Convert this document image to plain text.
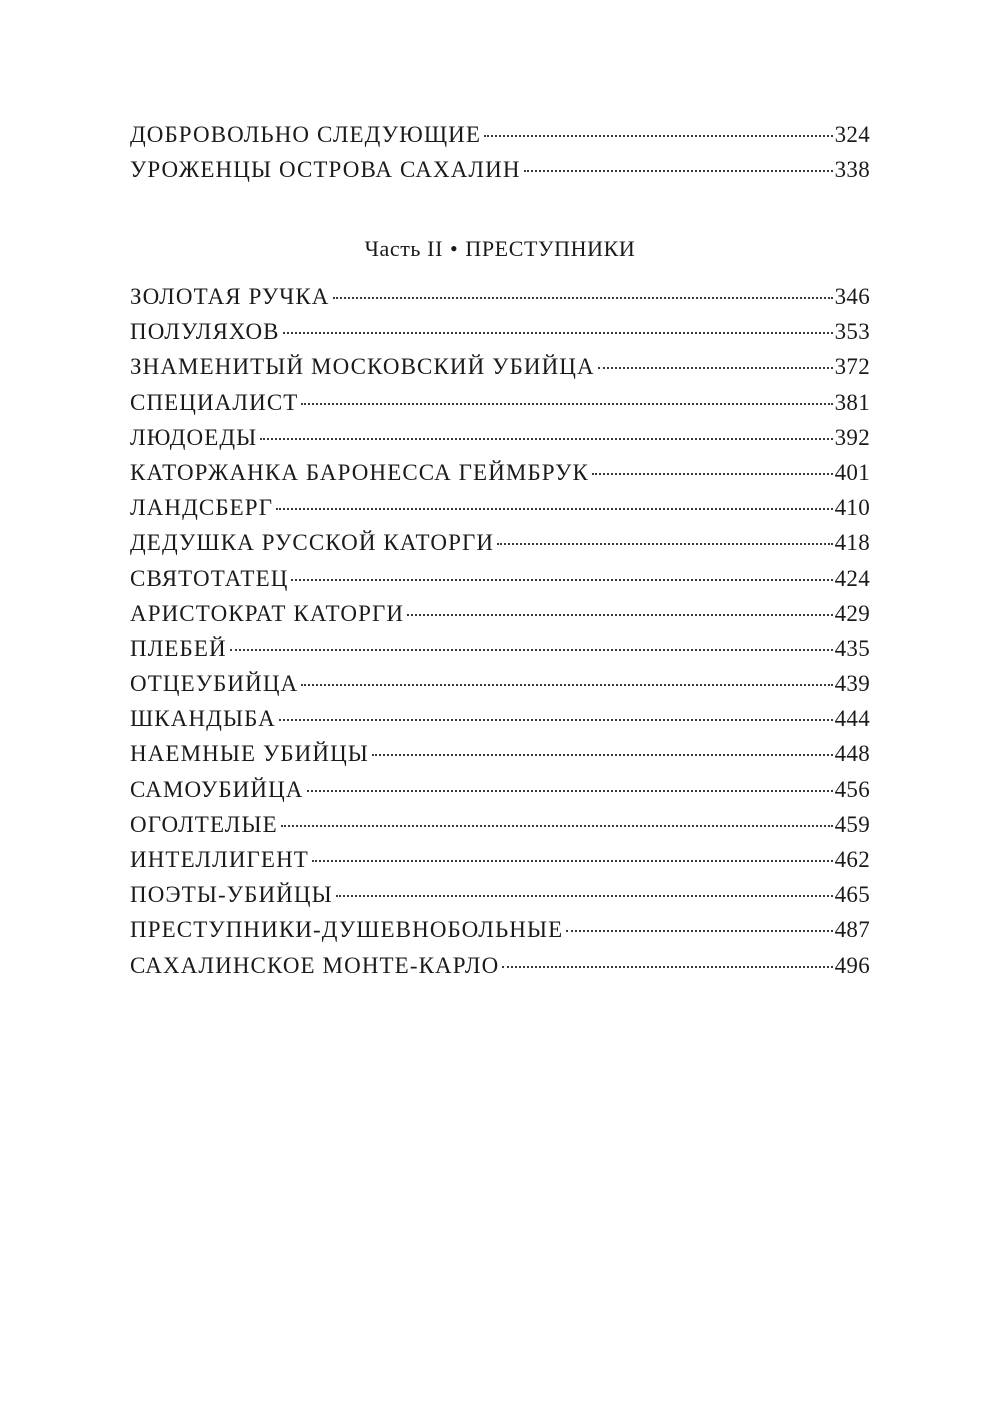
ДОБРОВОЛЬНО СЛЕДУЮЩИЕ	324
УРОЖЕНЦЫ ОСТРОВА САХАЛИН	338
Часть II • ПРЕСТУПНИКИ
ЗОЛОТАЯ РУЧКА	346
ПОЛУЛЯХОВ	353
ЗНАМЕНИТЫЙ МОСКОВСКИЙ УБИЙЦА	372
СПЕЦИАЛИСТ	381
ЛЮДОЕДЫ	392
КАТОРЖАНКА БАРОНЕССА ГЕЙМБРУК	401
ЛАНДСБЕРГ	410
ДЕДУШКА РУССКОЙ КАТОРГИ	418
СВЯТОТАТЕЦ	424
АРИСТОКРАТ КАТОРГИ	429
ПЛЕБЕЙ	435
ОТЦЕУБИЙЦА	439
ШКАНДЫБА	444
НАЕМНЫЕ УБИЙЦЫ	448
САМОУБИЙЦА	456
ОГОЛТЕЛЫЕ	459
ИНТЕЛЛИГЕНТ	462
ПОЭТЫ-УБИЙЦЫ	465
ПРЕСТУПНИКИ-ДУШЕВНОБОЛЬНЫЕ	487
САХАЛИНСКОЕ МОНТЕ-КАРЛО	496
